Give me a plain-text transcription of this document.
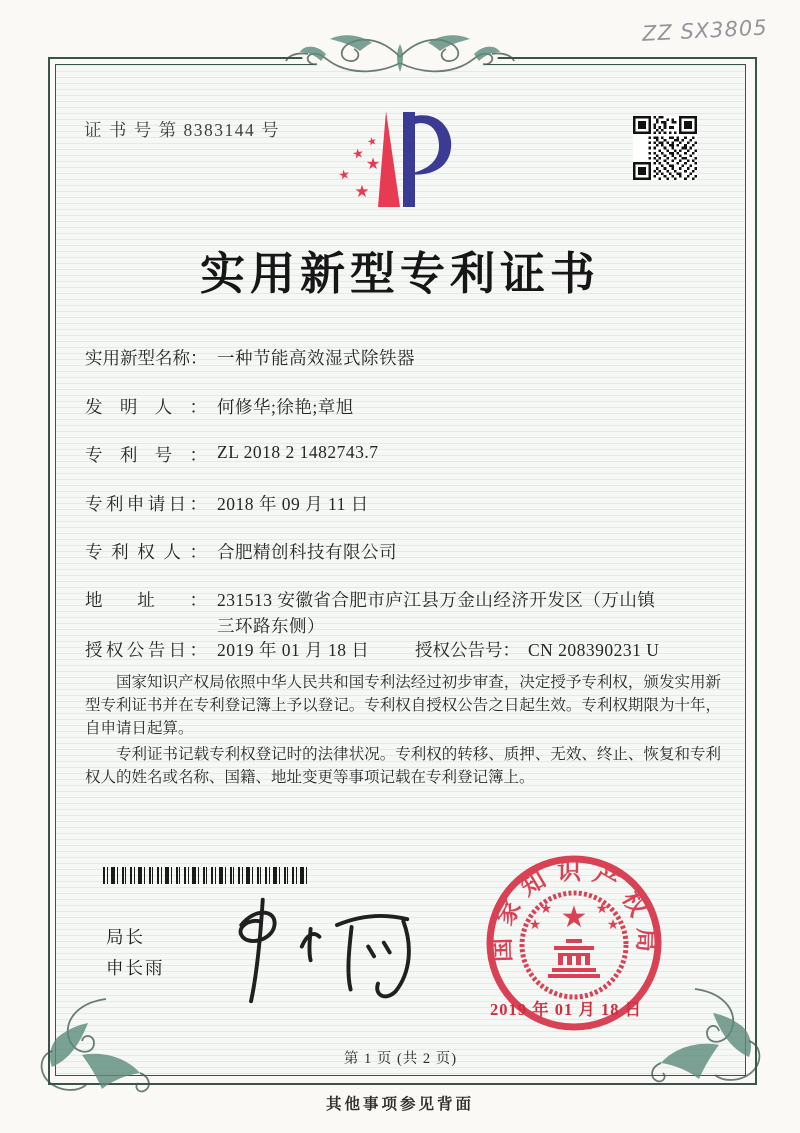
ZZ SX3805
证 书 号 第 8383144 号
★
★ ★
★
★
实用新型专利证书
实用新型名称： 一种节能高效湿式除铁器
发明人： 何修华;徐艳;章旭
专利号： ZL 2018 2 1482743.7
专利申请日： 2018 年 09 月 11 日
专利权人： 合肥精创科技有限公司
地址： 231513 安徽省合肥市庐江县万金山经济开发区（万山镇
三环路东侧）
授权公告日： 2019 年 01 月 18 日	授权公告号： CN 208390231 U

国家知识产权局依照中华人民共和国专利法经过初步审查，决定授予专利权，颁发实用新型专利证书并在专利登记簿上予以登记。专利权自授权公告之日起生效。专利权期限为十年，自申请日起算。

专利证书记载专利权登记时的法律状况。专利权的转移、质押、无效、终止、恢复和专利权人的姓名或名称、国籍、地址变更等事项记载在专利登记簿上。

局长
申长雨
国家知识产权局
★
★
★
★
★
2019 年 01 月 18 日
第 1 页 (共 2 页)
其他事项参见背面
